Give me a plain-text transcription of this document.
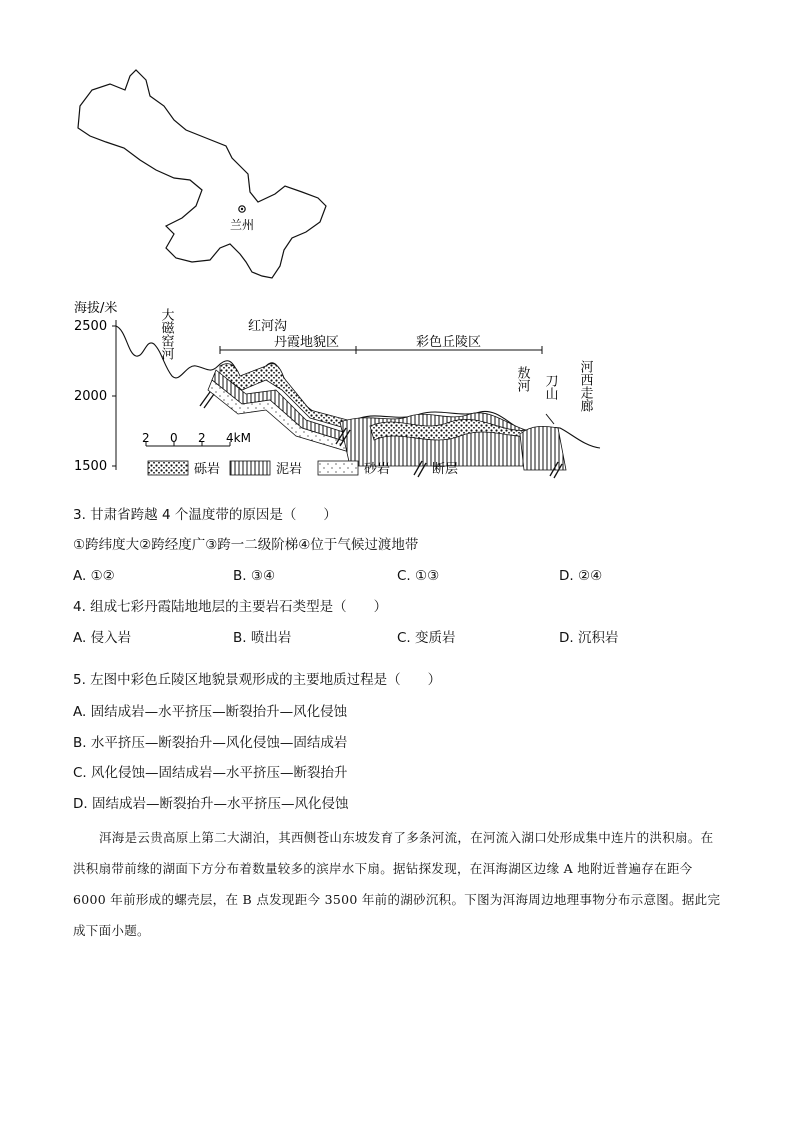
兰州
海拔/米
2500
2000
1500
红河沟
丹霞地貌区	彩色丘陵区
大磁窑河
敖河 刀山 河西走廊
2 0 2 4kM
砾岩	泥岩	砂岩	断层
3. 甘肃省跨越 4 个温度带的原因是（　　）
①跨纬度大②跨经度广③跨一二级阶梯④位于气候过渡地带
A. ①②	B. ③④	C. ①③	D. ②④
4. 组成七彩丹霞陆地地层的主要岩石类型是（　　）
A. 侵入岩	B. 喷出岩	C. 变质岩	D. 沉积岩
5. 左图中彩色丘陵区地貌景观形成的主要地质过程是（　　）
A. 固结成岩—水平挤压—断裂抬升—风化侵蚀
B. 水平挤压—断裂抬升—风化侵蚀—固结成岩
C. 风化侵蚀—固结成岩—水平挤压—断裂抬升
D. 固结成岩—断裂抬升—水平挤压—风化侵蚀
洱海是云贵高原上第二大湖泊，其西侧苍山东坡发育了多条河流，在河流入湖口处形成集中连片的洪积扇。在洪积扇带前缘的湖面下方分布着数量较多的滨岸水下扇。据钻探发现，在洱海湖区边缘 A 地附近普遍存在距今 6000 年前形成的螺壳层，在 B 点发现距今 3500 年前的湖砂沉积。下图为洱海周边地理事物分布示意图。据此完成下面小题。
